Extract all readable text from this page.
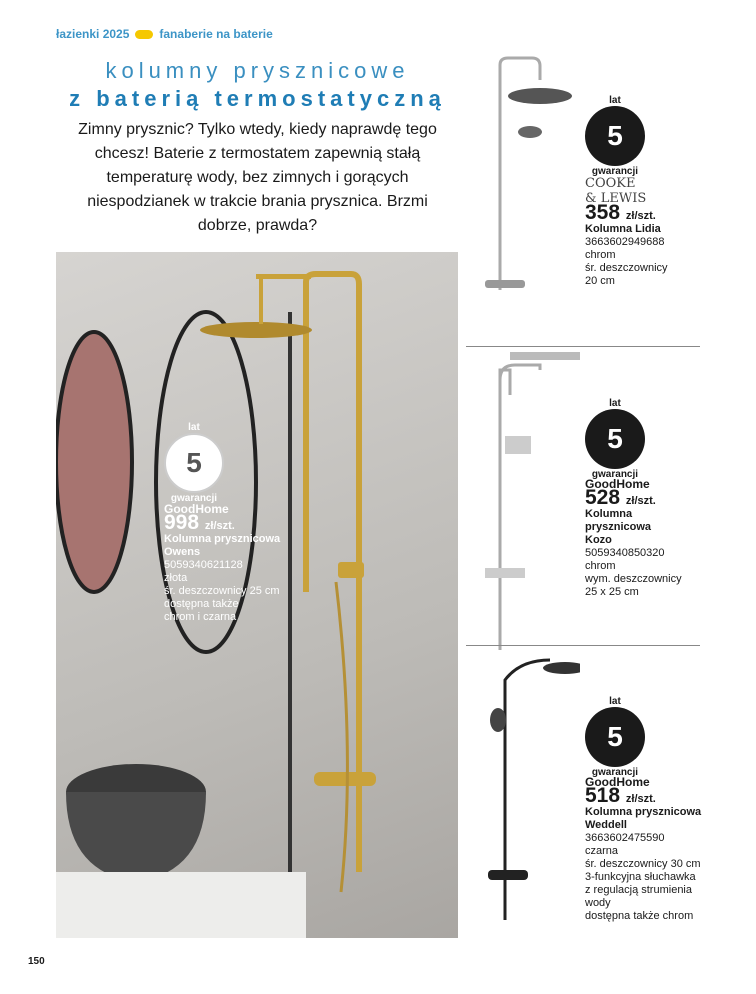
łazienki 2025	fanaberie na baterie
kolumny prysznicowe
z baterią termostatyczną
Zimny prysznic? Tylko wtedy, kiedy naprawdę tego chcesz! Baterie z termostatem zapewnią stałą temperaturę wody, bez zimnych i gorących niespodzianek w trakcie brania prysznica. Brzmi dobrze, prawda?
lat
5
gwarancji
GoodHome
998 zł/szt.
Kolumna prysznicowa Owens
5059340621128
złota
śr. deszczownicy 25 cm
dostępna także
chrom i czarna
lat
5
gwarancji
COOKE & LEWIS
358 zł/szt.
Kolumna Lidia
3663602949688
chrom
śr. deszczownicy
20 cm
lat
5
gwarancji
GoodHome
528 zł/szt.
Kolumna prysznicowa Kozo
5059340850320
chrom
wym. deszczownicy
25 x 25 cm
lat
5
gwarancji
GoodHome
518 zł/szt.
Kolumna prysznicowa Weddell
3663602475590
czarna
śr. deszczownicy 30 cm
3-funkcyjna słuchawka
z regulacją strumienia
wody
dostępna także chrom
150
